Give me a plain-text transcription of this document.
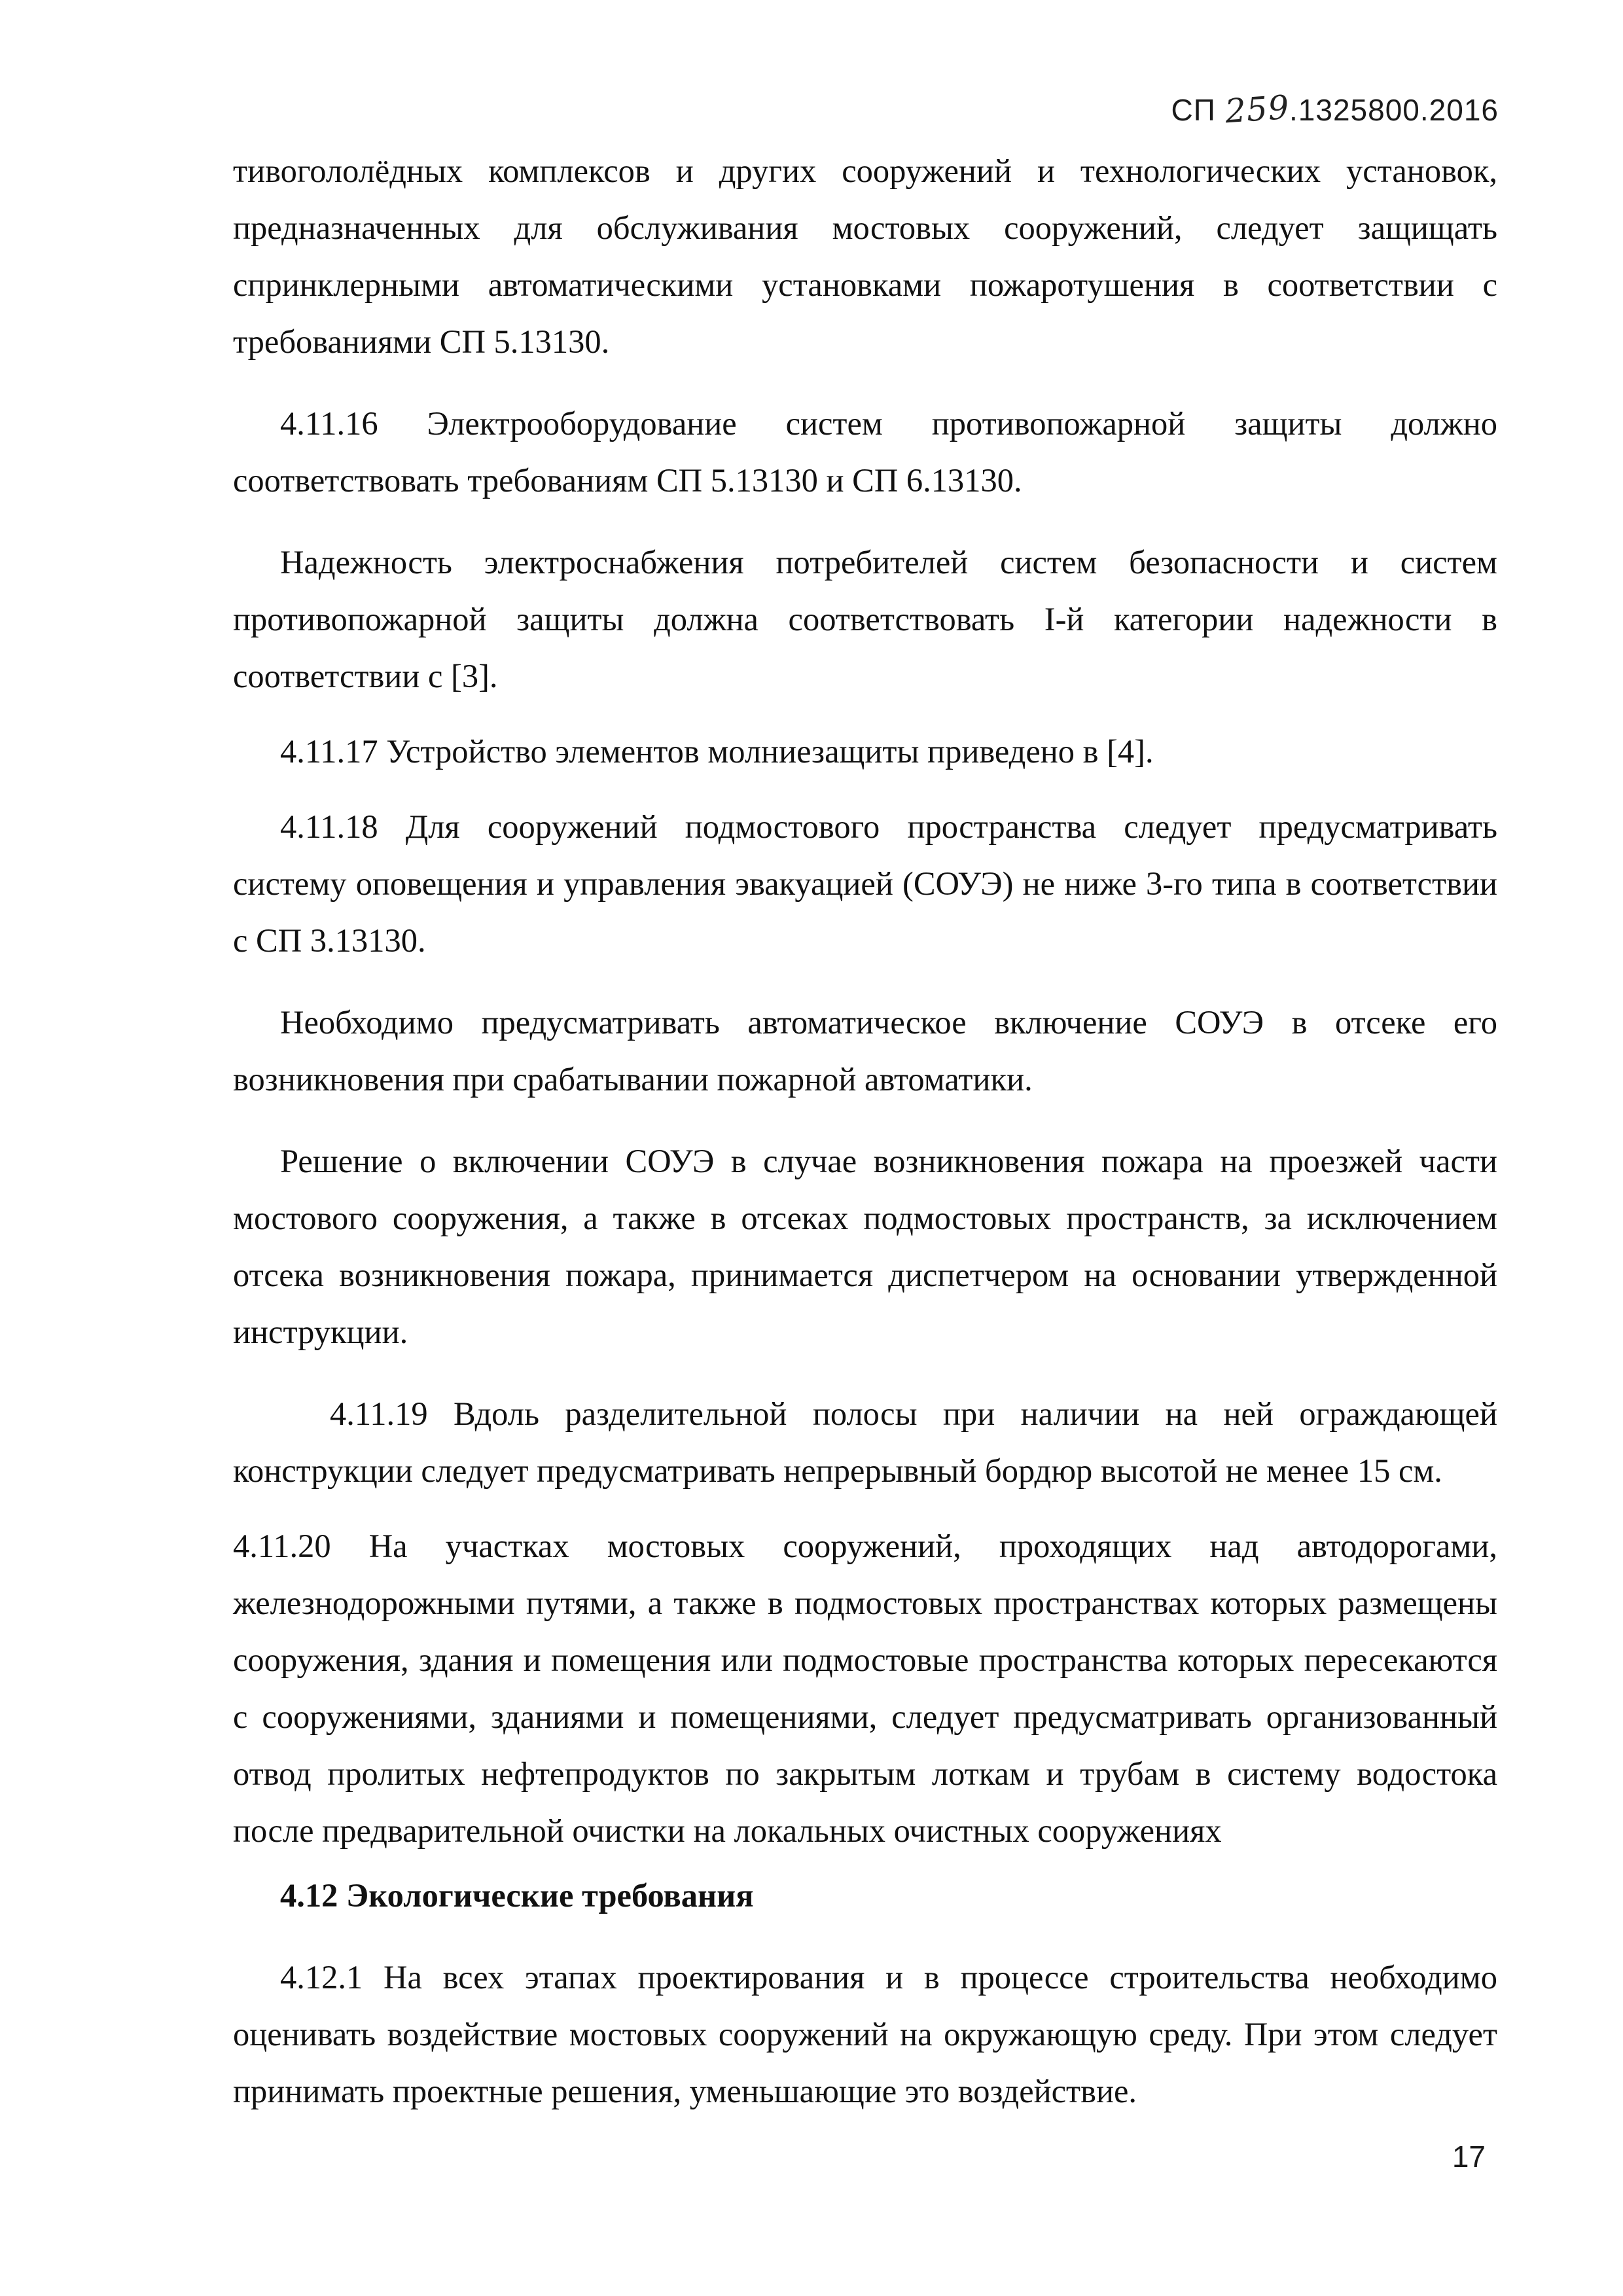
СП 259.1325800.2016

тивогололёдных комплексов и других сооружений и технологических установок, предназначенных для обслуживания мостовых сооружений, следует защищать спринклерными автоматическими установками пожаротушения в соответствии с требованиями СП 5.13130.

4.11.16 Электрооборудование систем противопожарной защиты должно соответствовать требованиям СП 5.13130 и СП 6.13130.

Надежность электроснабжения потребителей систем безопасности и систем противопожарной защиты должна соответствовать I-й категории надежности в соответствии с [3].

4.11.17 Устройство элементов молниезащиты приведено в [4].

4.11.18 Для сооружений подмостового пространства следует предусматривать систему оповещения и управления эвакуацией (СОУЭ) не ниже 3-го типа в соответствии с СП 3.13130.

Необходимо предусматривать автоматическое включение СОУЭ в отсеке его возникновения при срабатывании пожарной автоматики.

Решение о включении СОУЭ в случае возникновения пожара на проезжей части мостового сооружения, а также в отсеках подмостовых пространств, за исключением отсека возникновения пожара, принимается диспетчером на основании утвержденной инструкции.

4.11.19 Вдоль разделительной полосы при наличии на ней ограждающей конструкции следует предусматривать непрерывный бордюр высотой не менее 15 см.

4.11.20 На участках мостовых сооружений, проходящих над автодорогами, железнодорожными путями, а также в подмостовых пространствах которых размещены сооружения, здания и помещения или подмостовые пространства которых пересекаются с сооружениями, зданиями и помещениями, следует предусматривать организованный отвод пролитых нефтепродуктов по закрытым лоткам и трубам в систему водостока после предварительной очистки на локальных очистных сооружениях

4.12 Экологические требования

4.12.1 На всех этапах проектирования и в процессе строительства необходимо оценивать воздействие мостовых сооружений на окружающую среду. При этом следует принимать проектные решения, уменьшающие это воздействие.

17
